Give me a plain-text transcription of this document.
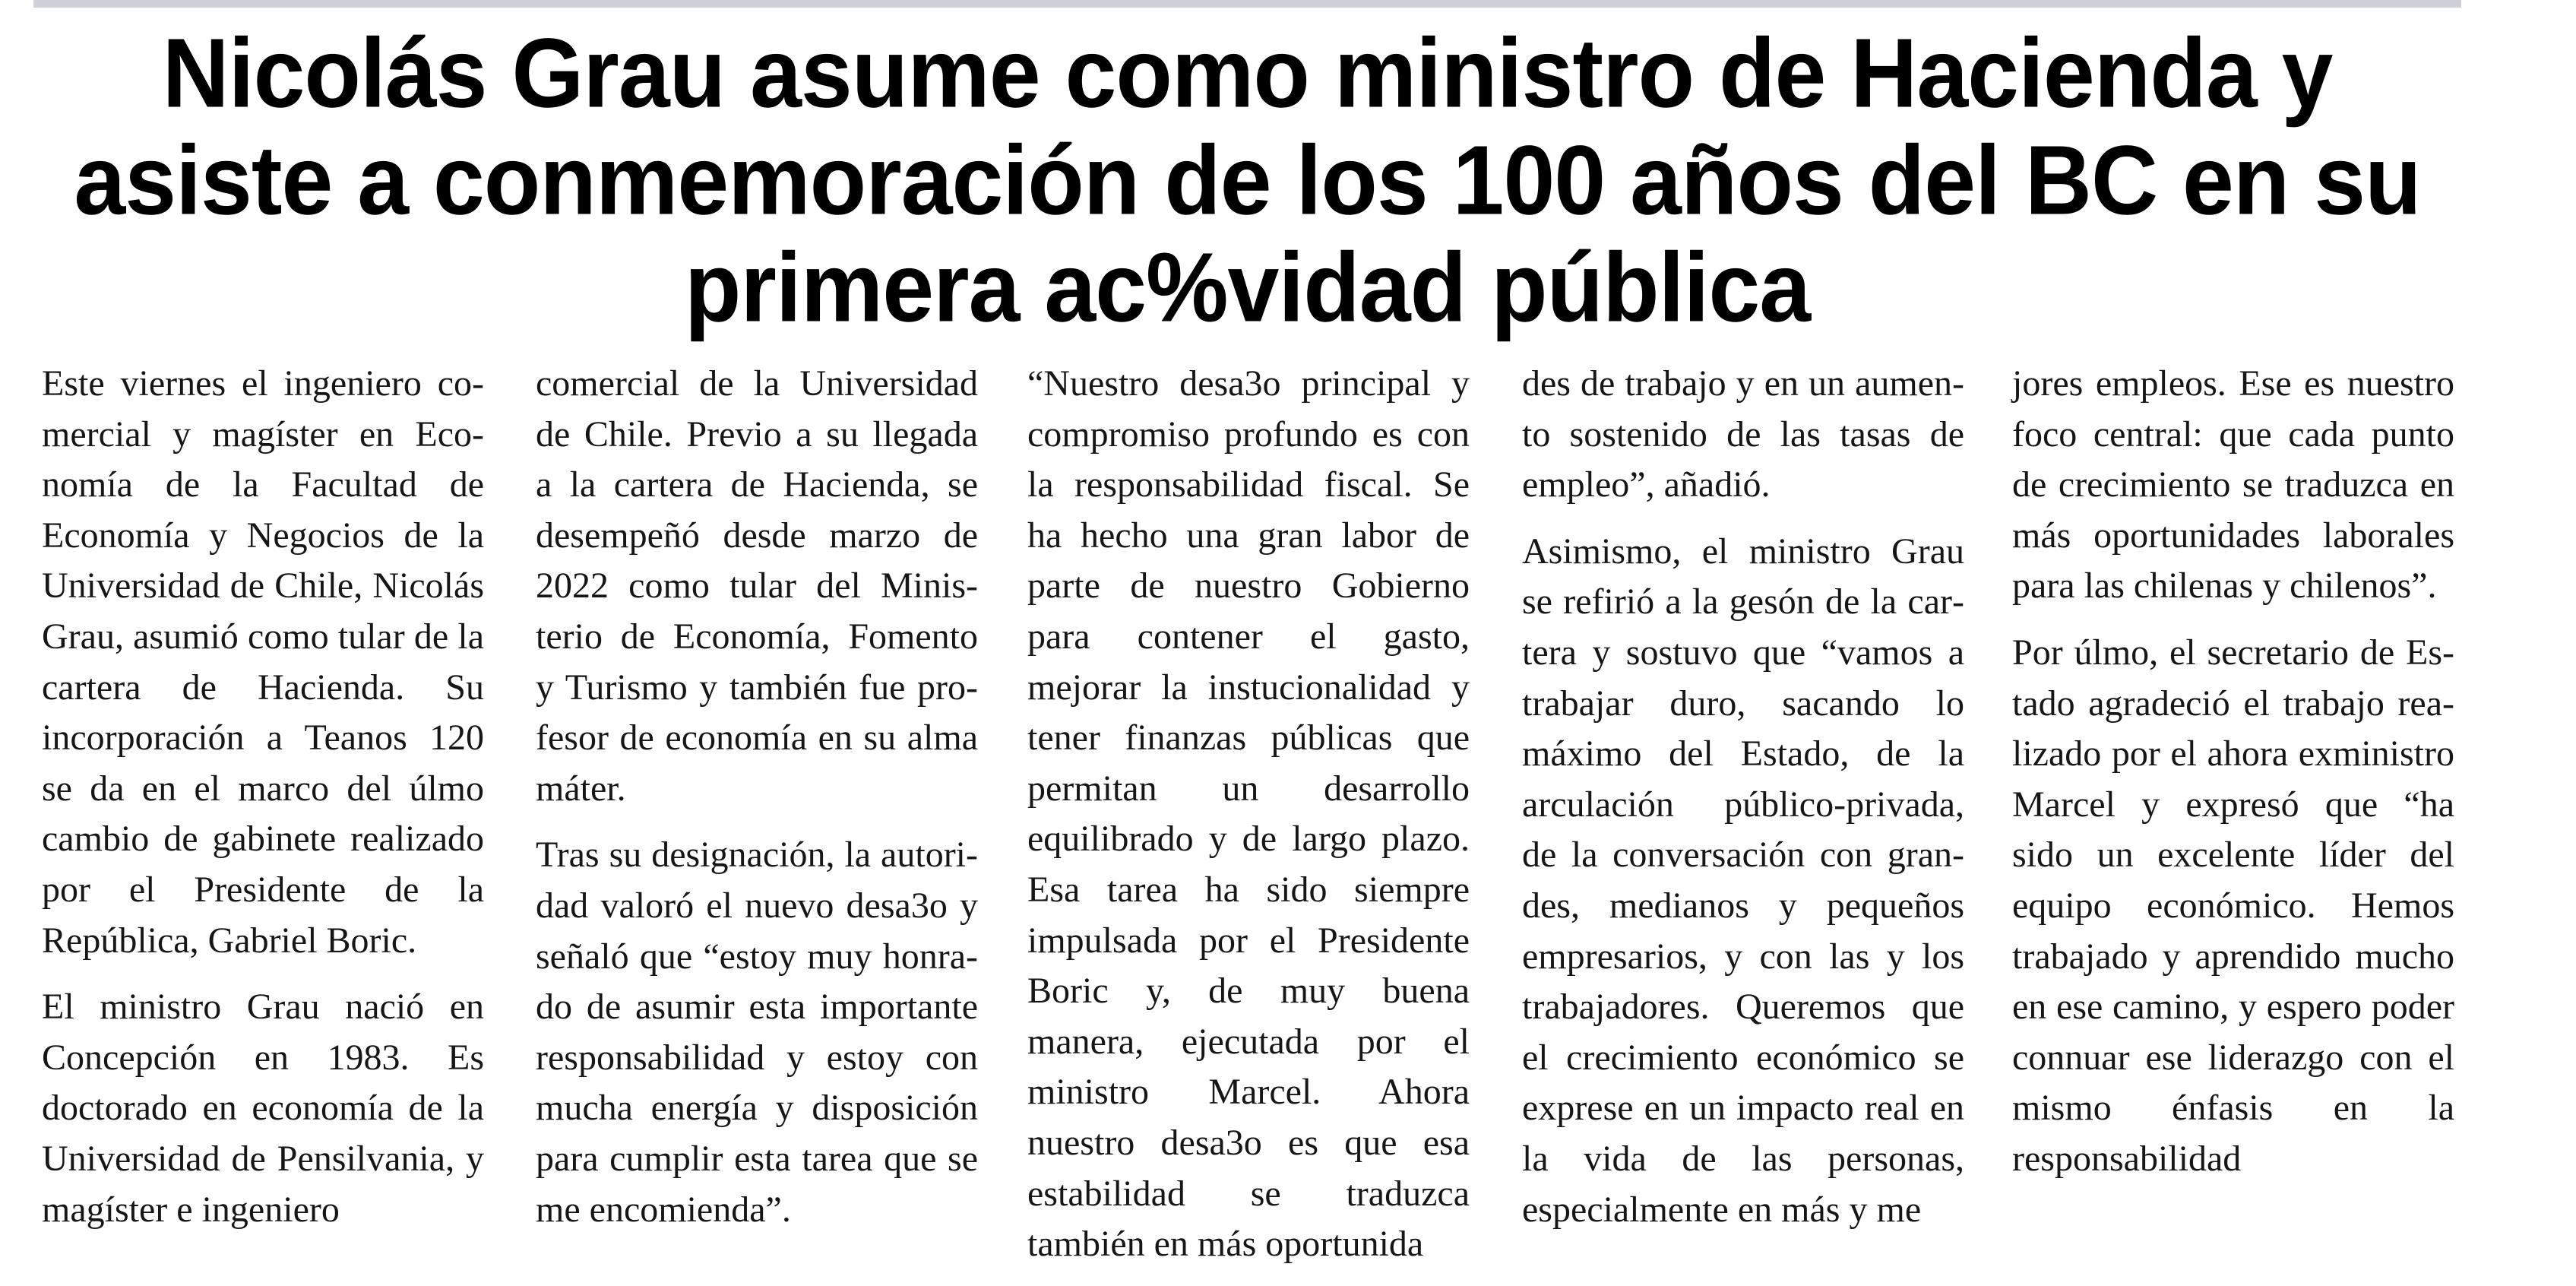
Nicolás Grau asume como ministro de Hacienda y asiste a conmemoración de los 100 años del BC en su primera ac%vidad pública

Este viernes el ingeniero comercial y magíster en Economía de la Facultad de Economía y Negocios de la Universidad de Chile, Nicolás Grau, asumió como tular de la cartera de Hacienda. Su incorporación a Teanos 120 se da en el marco del úlmo cambio de gabinete realizado por el Presidente de la República, Gabriel Boric.

El ministro Grau nació en Concepción en 1983. Es doctorado en economía de la Universidad de Pensilvania, y magíster e ingeniero

comercial de la Universidad de Chile. Previo a su llegada a la cartera de Hacienda, se desempeñó desde marzo de 2022 como tular del Ministerio de Economía, Fomento y Turismo y también fue profesor de economía en su alma máter.

Tras su designación, la autoridad valoró el nuevo desa3o y señaló que “estoy muy honrado de asumir esta importante responsabilidad y estoy con mucha energía y disposición para cumplir esta tarea que se me encomienda”.

“Nuestro desa3o principal y compromiso profundo es con la responsabilidad fiscal. Se ha hecho una gran labor de parte de nuestro Gobierno para contener el gasto, mejorar la instucionalidad y tener finanzas públicas que permitan un desarrollo equilibrado y de largo plazo. Esa tarea ha sido siempre impulsada por el Presidente Boric y, de muy buena manera, ejecutada por el ministro Marcel. Ahora nuestro desa3o es que esa estabilidad se traduzca también en más oportunida

des de trabajo y en un aumento sostenido de las tasas de empleo”, añadió.

Asimismo, el ministro Grau se refirió a la gesón de la cartera y sostuvo que “vamos a trabajar duro, sacando lo máximo del Estado, de la arculación público-privada, de la conversación con grandes, medianos y pequeños empresarios, y con las y los trabajadores. Queremos que el crecimiento económico se exprese en un impacto real en la vida de las personas, especialmente en más y me

jores empleos. Ese es nuestro foco central: que cada punto de crecimiento se traduzca en más oportunidades laborales para las chilenas y chilenos”.

Por úlmo, el secretario de Estado agradeció el trabajo realizado por el ahora exministro Marcel y expresó que “ha sido un excelente líder del equipo económico. Hemos trabajado y aprendido mucho en ese camino, y espero poder connuar ese liderazgo con el mismo énfasis en la responsabilidad
